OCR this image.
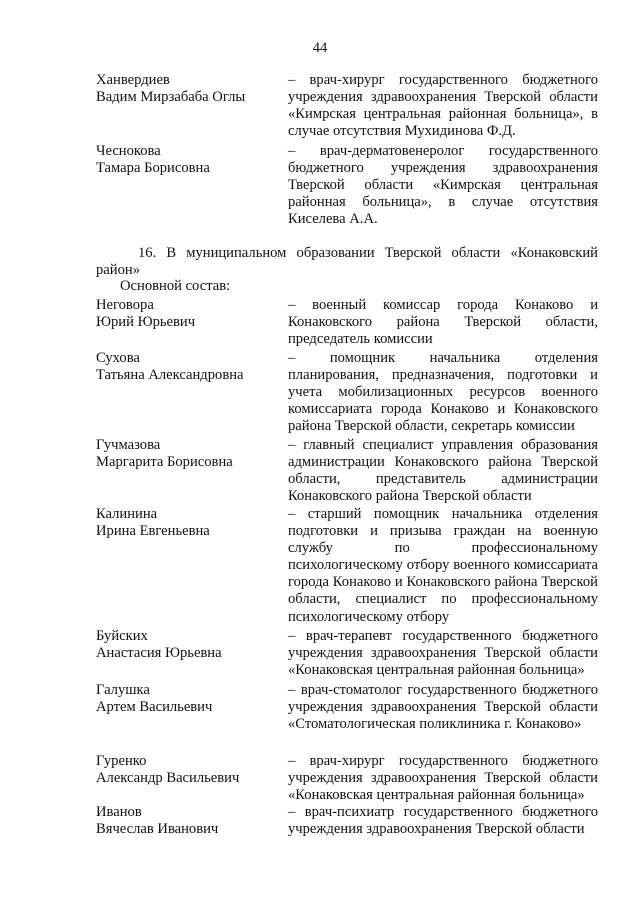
44
Ханвердиев
Вадим Мирзабаба Оглы
– врач-хирург государственного бюджетного учреждения здравоохранения Тверской области «Кимрская центральная районная больница», в случае отсутствия Мухидинова Ф.Д.
Чеснокова
Тамара Борисовна
– врач-дерматовенеролог государственного бюджетного учреждения здравоохранения Тверской области «Кимрская центральная районная больница», в случае отсутствия Киселева А.А.
16. В муниципальном образовании Тверской области «Конаковский район»
Основной состав:
Неговора
Юрий Юрьевич
– военный комиссар города Конаково и Конаковского района Тверской области, председатель комиссии
Сухова
Татьяна Александровна
– помощник начальника отделения планирования, предназначения, подготовки и учета мобилизационных ресурсов военного комиссариата города Конаково и Конаковского района Тверской области, секретарь комиссии
Гучмазова
Маргарита Борисовна
– главный специалист управления образования администрации Конаковского района Тверской области, представитель администрации Конаковского района Тверской области
Калинина
Ирина Евгеньевна
– старший помощник начальника отделения подготовки и призыва граждан на военную службу по профессиональному психологическому отбору военного комиссариата города Конаково и Конаковского района Тверской области, специалист по профессиональному психологическому отбору
Буйских
Анастасия Юрьевна
– врач-терапевт государственного бюджетного учреждения здравоохранения Тверской области «Конаковская центральная районная больница»
Галушка
Артем Васильевич
– врач-стоматолог государственного бюджетного учреждения здравоохранения Тверской области «Стоматологическая поликлиника г. Конаково»
Гуренко
Александр Васильевич
– врач-хирург государственного бюджетного учреждения здравоохранения Тверской области «Конаковская центральная районная больница»
Иванов
Вячеслав Иванович
– врач-психиатр государственного бюджетного учреждения здравоохранения Тверской области
